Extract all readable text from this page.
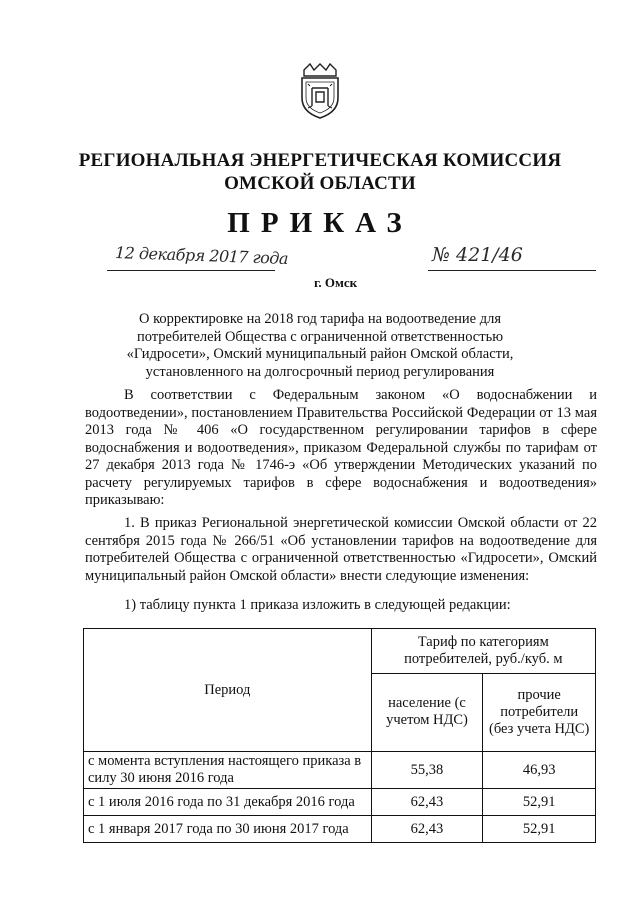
РЕГИОНАЛЬНАЯ ЭНЕРГЕТИЧЕСКАЯ КОМИССИЯ
ОМСКОЙ ОБЛАСТИ
ПРИКАЗ
12 декабря 2017 года
г. Омск
№ 421/46
О корректировке на 2018 год тарифа на водоотведение для
потребителей Общества с ограниченной ответственностью
«Гидросети», Омский муниципальный район Омской области,
установленного на долгосрочный период регулирования
В соответствии с Федеральным законом «О водоснабжении и водоотведении», постановлением Правительства Российской Федерации от 13 мая 2013 года № 406 «О государственном регулировании тарифов в сфере водоснабжения и водоотведения», приказом Федеральной службы по тарифам от 27 декабря 2013 года № 1746-э «Об утверждении Методических указаний по расчету регулируемых тарифов в сфере водоснабжения и водоотведения» приказываю:
1. В приказ Региональной энергетической комиссии Омской области от 22 сентября 2015 года № 266/51 «Об установлении тарифов на водоотведение для потребителей Общества с ограниченной ответственностью «Гидросети», Омский муниципальный район Омской области» внести следующие изменения:
1) таблицу пункта 1 приказа изложить в следующей редакции:
Период	Тариф по категориям потребителей, руб./куб. м	
	население (с учетом НДС)	прочие потребители (без учета НДС)
с момента вступления настоящего приказа в силу 30 июня 2016 года	55,38	46,93
с 1 июля 2016 года по 31 декабря 2016 года	62,43	52,91
с 1 января 2017 года по 30 июня 2017 года	62,43	52,91
